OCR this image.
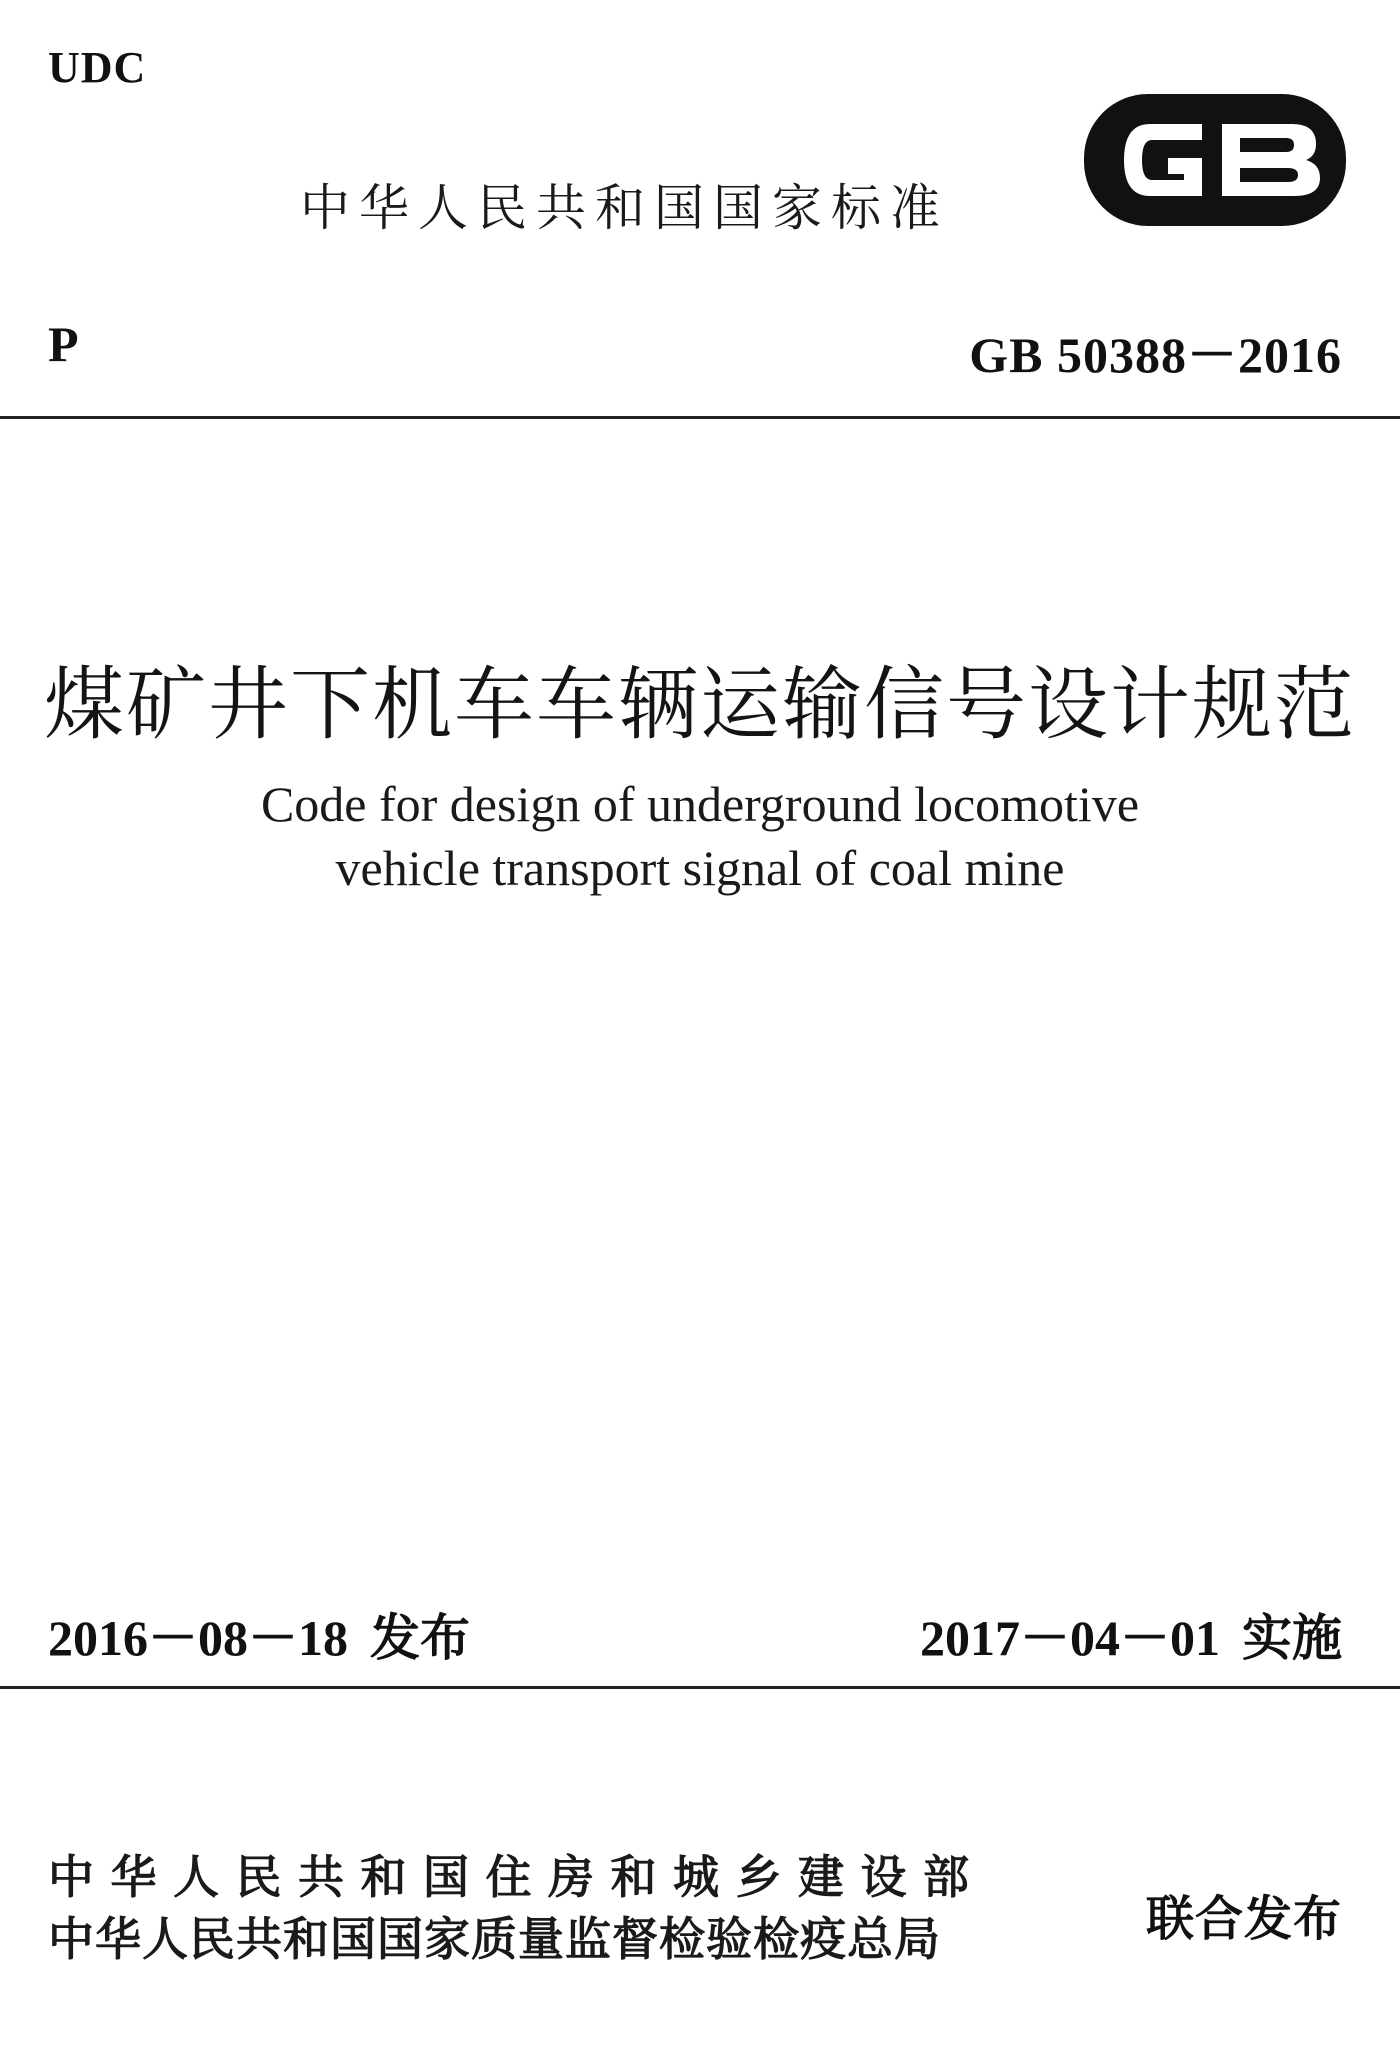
UDC
中华人民共和国国家标准
P	GB 50388－2016
煤矿井下机车车辆运输信号设计规范
Code for design of underground locomotive
vehicle transport signal of coal mine
2016－08－18 发布	2017－04－01 实施
中华人民共和国住房和城乡建设部
中华人民共和国国家质量监督检验检疫总局	联合发布
